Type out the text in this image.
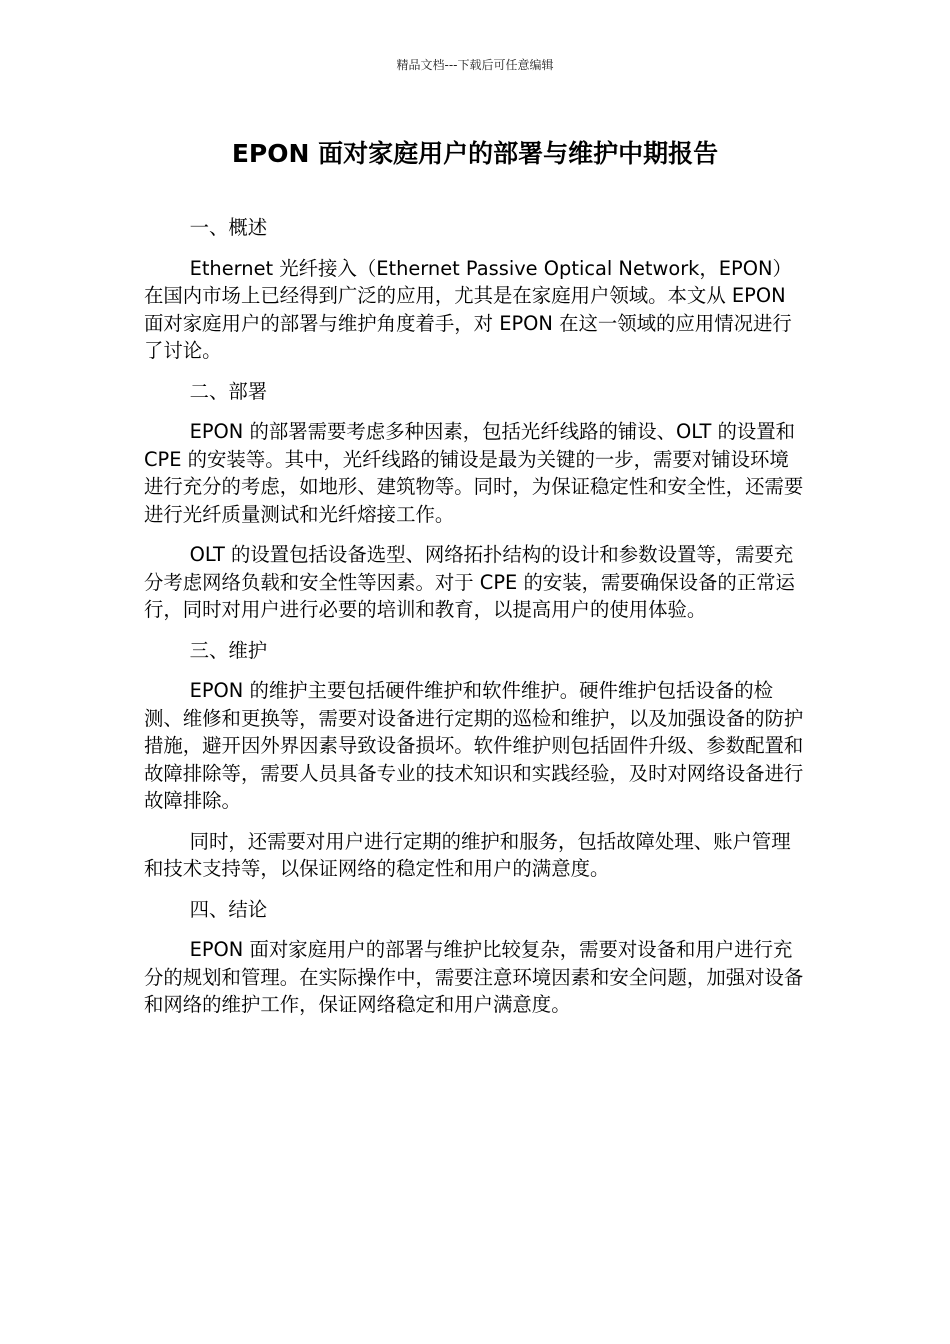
精品文档---下载后可任意编辑
EPON 面对家庭用户的部署与维护中期报告

一、概述

Ethernet 光纤接入（Ethernet Passive Optical Network，EPON）在国内市场上已经得到广泛的应用，尤其是在家庭用户领域。本文从 EPON 面对家庭用户的部署与维护角度着手，对 EPON 在这一领域的应用情况进行了讨论。

二、部署

EPON 的部署需要考虑多种因素，包括光纤线路的铺设、OLT 的设置和 CPE 的安装等。其中，光纤线路的铺设是最为关键的一步，需要对铺设环境进行充分的考虑，如地形、建筑物等。同时，为保证稳定性和安全性，还需要进行光纤质量测试和光纤熔接工作。

OLT 的设置包括设备选型、网络拓扑结构的设计和参数设置等，需要充分考虑网络负载和安全性等因素。对于 CPE 的安装，需要确保设备的正常运行，同时对用户进行必要的培训和教育，以提高用户的使用体验。

三、维护

EPON 的维护主要包括硬件维护和软件维护。硬件维护包括设备的检测、维修和更换等，需要对设备进行定期的巡检和维护，以及加强设备的防护措施，避开因外界因素导致设备损坏。软件维护则包括固件升级、参数配置和故障排除等，需要人员具备专业的技术知识和实践经验，及时对网络设备进行故障排除。

同时，还需要对用户进行定期的维护和服务，包括故障处理、账户管理和技术支持等，以保证网络的稳定性和用户的满意度。

四、结论

EPON 面对家庭用户的部署与维护比较复杂，需要对设备和用户进行充分的规划和管理。在实际操作中，需要注意环境因素和安全问题，加强对设备和网络的维护工作，保证网络稳定和用户满意度。
